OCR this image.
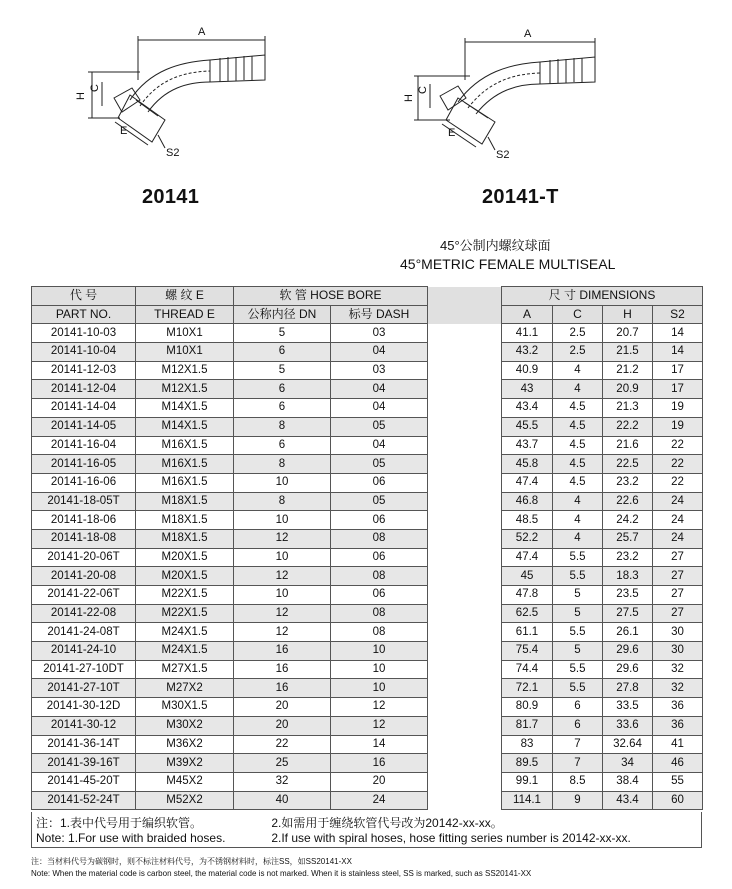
A
H
C
E
S2
A
H
C
E
S2
20141	20141-T
45°公制内螺纹球面
45°METRIC FEMALE MULTISEAL
代 号	螺 纹 E	软 管 HOSE BORE			尺 寸 DIMENSIONS			
PART NO.	THREAD E	公称内径 DN	标号 DASH		A	C	H	S2
20141-10-03	M10X1	5	03		41.1	2.5	20.7	14
20141-10-04	M10X1	6	04		43.2	2.5	21.5	14
20141-12-03	M12X1.5	5	03		40.9	4	21.2	17
20141-12-04	M12X1.5	6	04		43	4	20.9	17
20141-14-04	M14X1.5	6	04		43.4	4.5	21.3	19
20141-14-05	M14X1.5	8	05		45.5	4.5	22.2	19
20141-16-04	M16X1.5	6	04		43.7	4.5	21.6	22
20141-16-05	M16X1.5	8	05		45.8	4.5	22.5	22
20141-16-06	M16X1.5	10	06		47.4	4.5	23.2	22
20141-18-05T	M18X1.5	8	05		46.8	4	22.6	24
20141-18-06	M18X1.5	10	06		48.5	4	24.2	24
20141-18-08	M18X1.5	12	08		52.2	4	25.7	24
20141-20-06T	M20X1.5	10	06		47.4	5.5	23.2	27
20141-20-08	M20X1.5	12	08		45	5.5	18.3	27
20141-22-06T	M22X1.5	10	06		47.8	5	23.5	27
20141-22-08	M22X1.5	12	08		62.5	5	27.5	27
20141-24-08T	M24X1.5	12	08		61.1	5.5	26.1	30
20141-24-10	M24X1.5	16	10		75.4	5	29.6	30
20141-27-10DT	M27X1.5	16	10		74.4	5.5	29.6	32
20141-27-10T	M27X2	16	10		72.1	5.5	27.8	32
20141-30-12D	M30X1.5	20	12		80.9	6	33.5	36
20141-30-12	M30X2	20	12		81.7	6	33.6	36
20141-36-14T	M36X2	22	14		83	7	32.64	41
20141-39-16T	M39X2	25	16		89.5	7	34	46
20141-45-20T	M45X2	32	20		99.1	8.5	38.4	55
20141-52-24T	M52X2	40	24		114.1	9	43.4	60
注：1.表中代号用于编织软管。	2.如需用于缠绕软管代号改为20142-xx-xx。
Note: 1.For use with braided hoses.	2.If use with spiral hoses, hose fitting series number is 20142-xx-xx.
注：当材料代号为碳钢时，则不标注材料代号，为不锈钢材料时，标注SS，如SS20141-XX
Note: When the material code is carbon steel, the material code is not marked. When it is stainless steel, SS is marked, such as SS20141-XX
